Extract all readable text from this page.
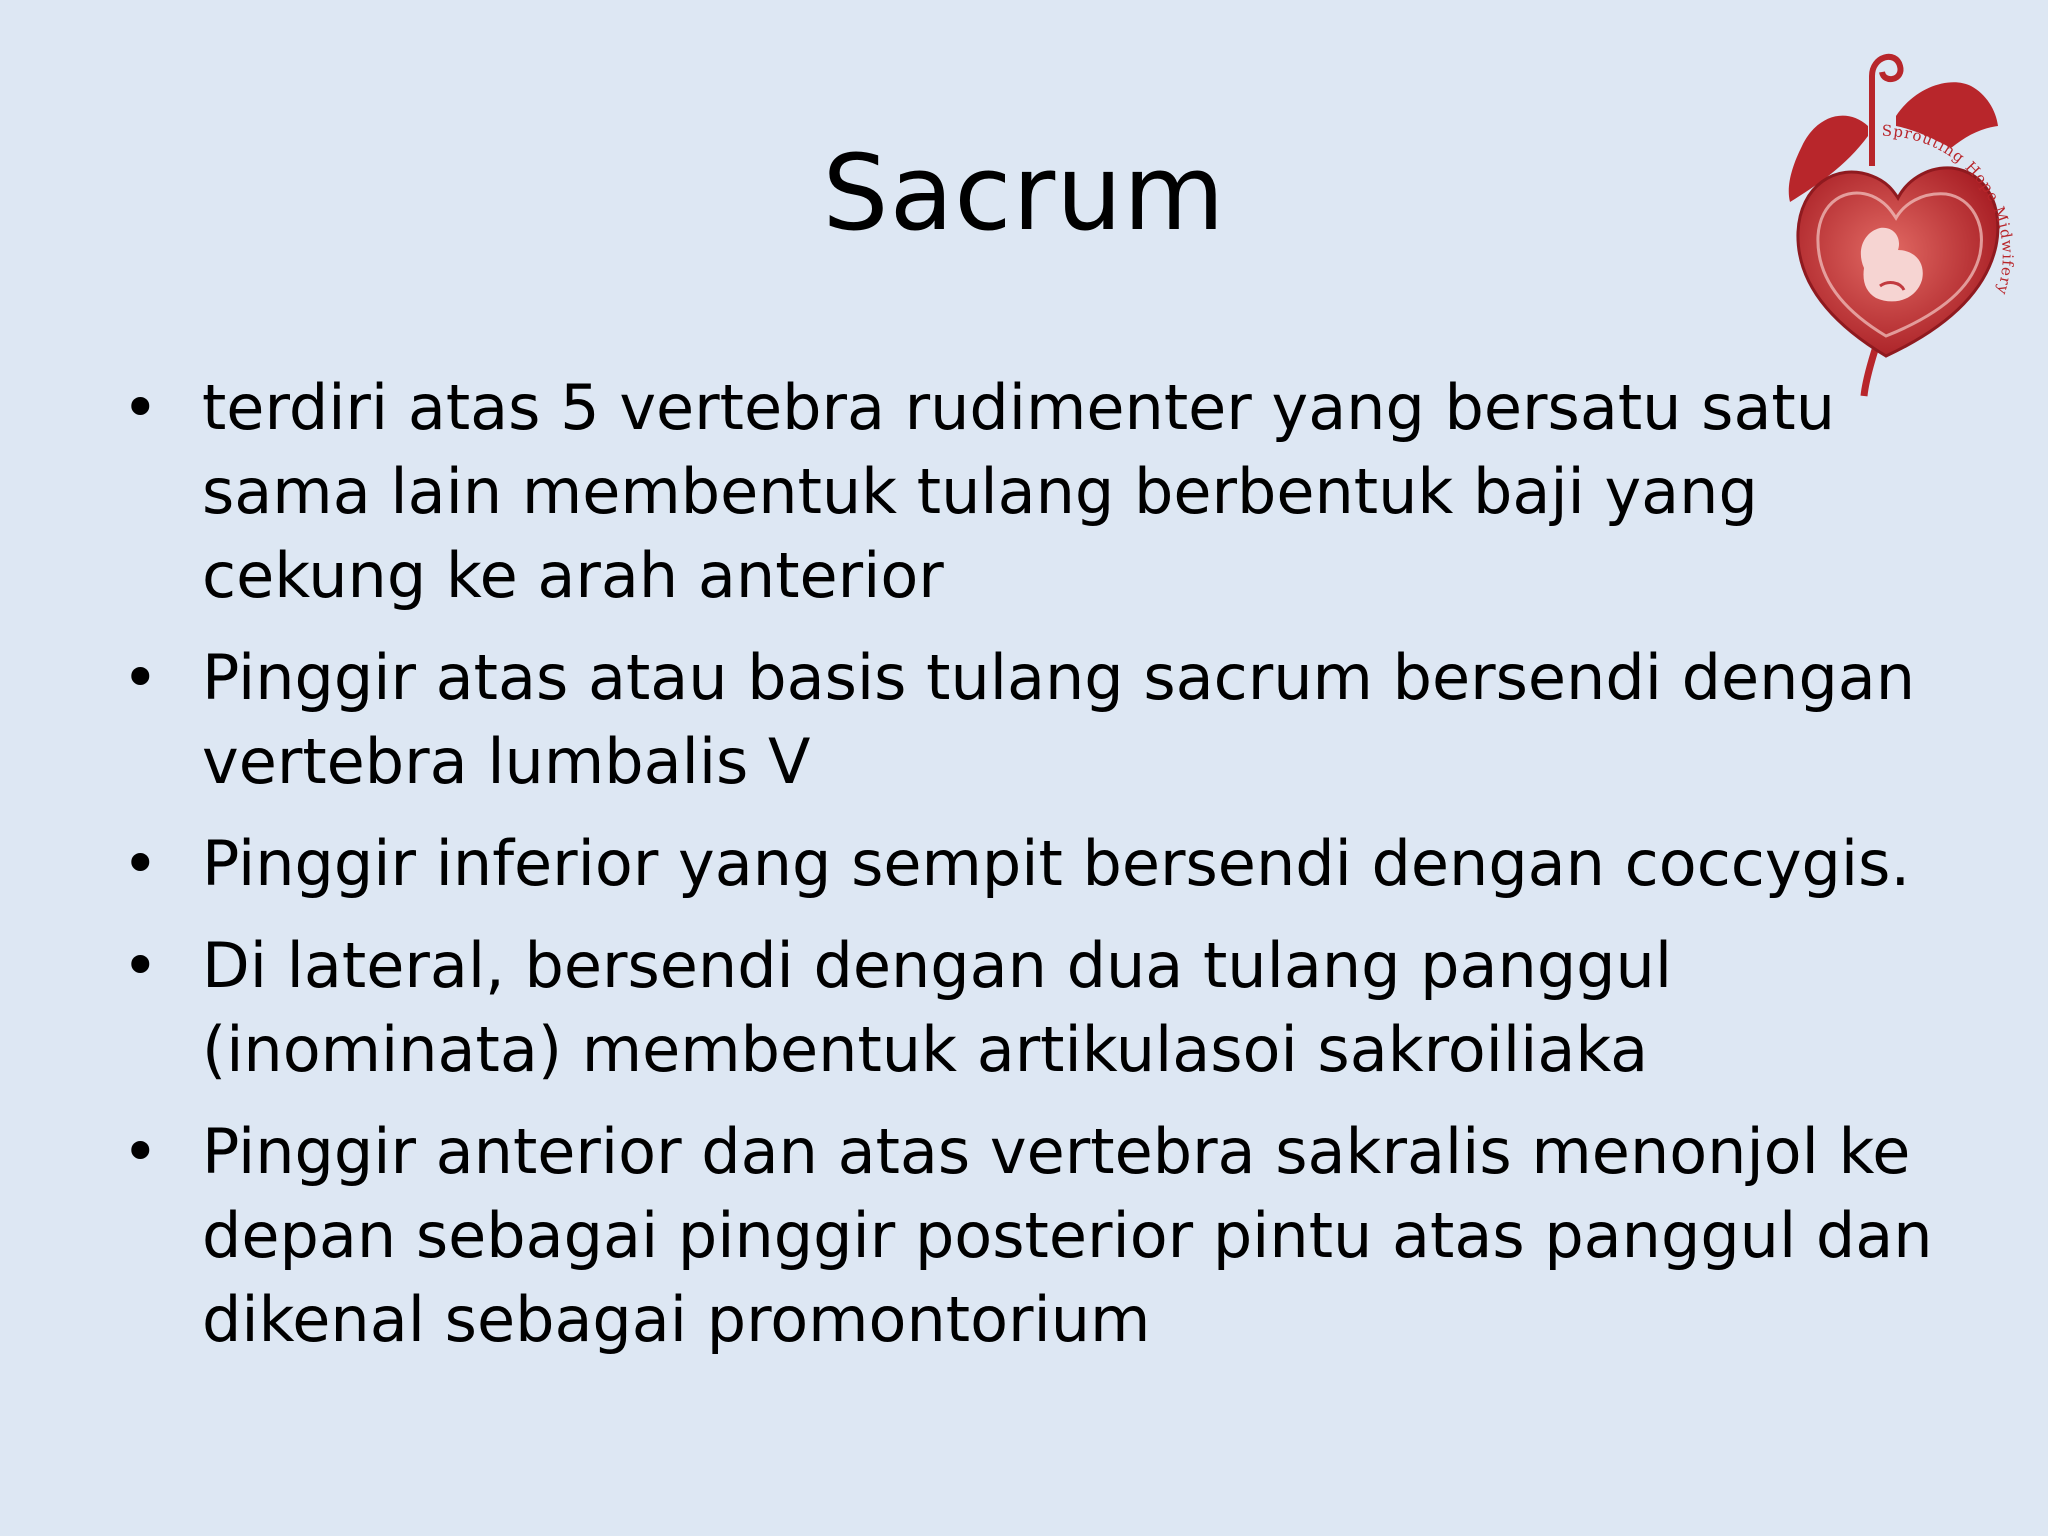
Sacrum
Sprouting Hope Midwifery
• terdiri atas 5 vertebra rudimenter yang bersatu satu
sama lain membentuk tulang berbentuk baji yang
cekung ke arah anterior
• Pinggir atas atau basis tulang sacrum bersendi dengan
vertebra lumbalis V
• Pinggir inferior yang sempit bersendi dengan coccygis.
• Di lateral, bersendi dengan dua tulang panggul
(inominata) membentuk artikulasoi sakroiliaka
• Pinggir anterior dan atas vertebra sakralis menonjol ke
depan sebagai pinggir posterior pintu atas panggul dan
dikenal sebagai promontorium
